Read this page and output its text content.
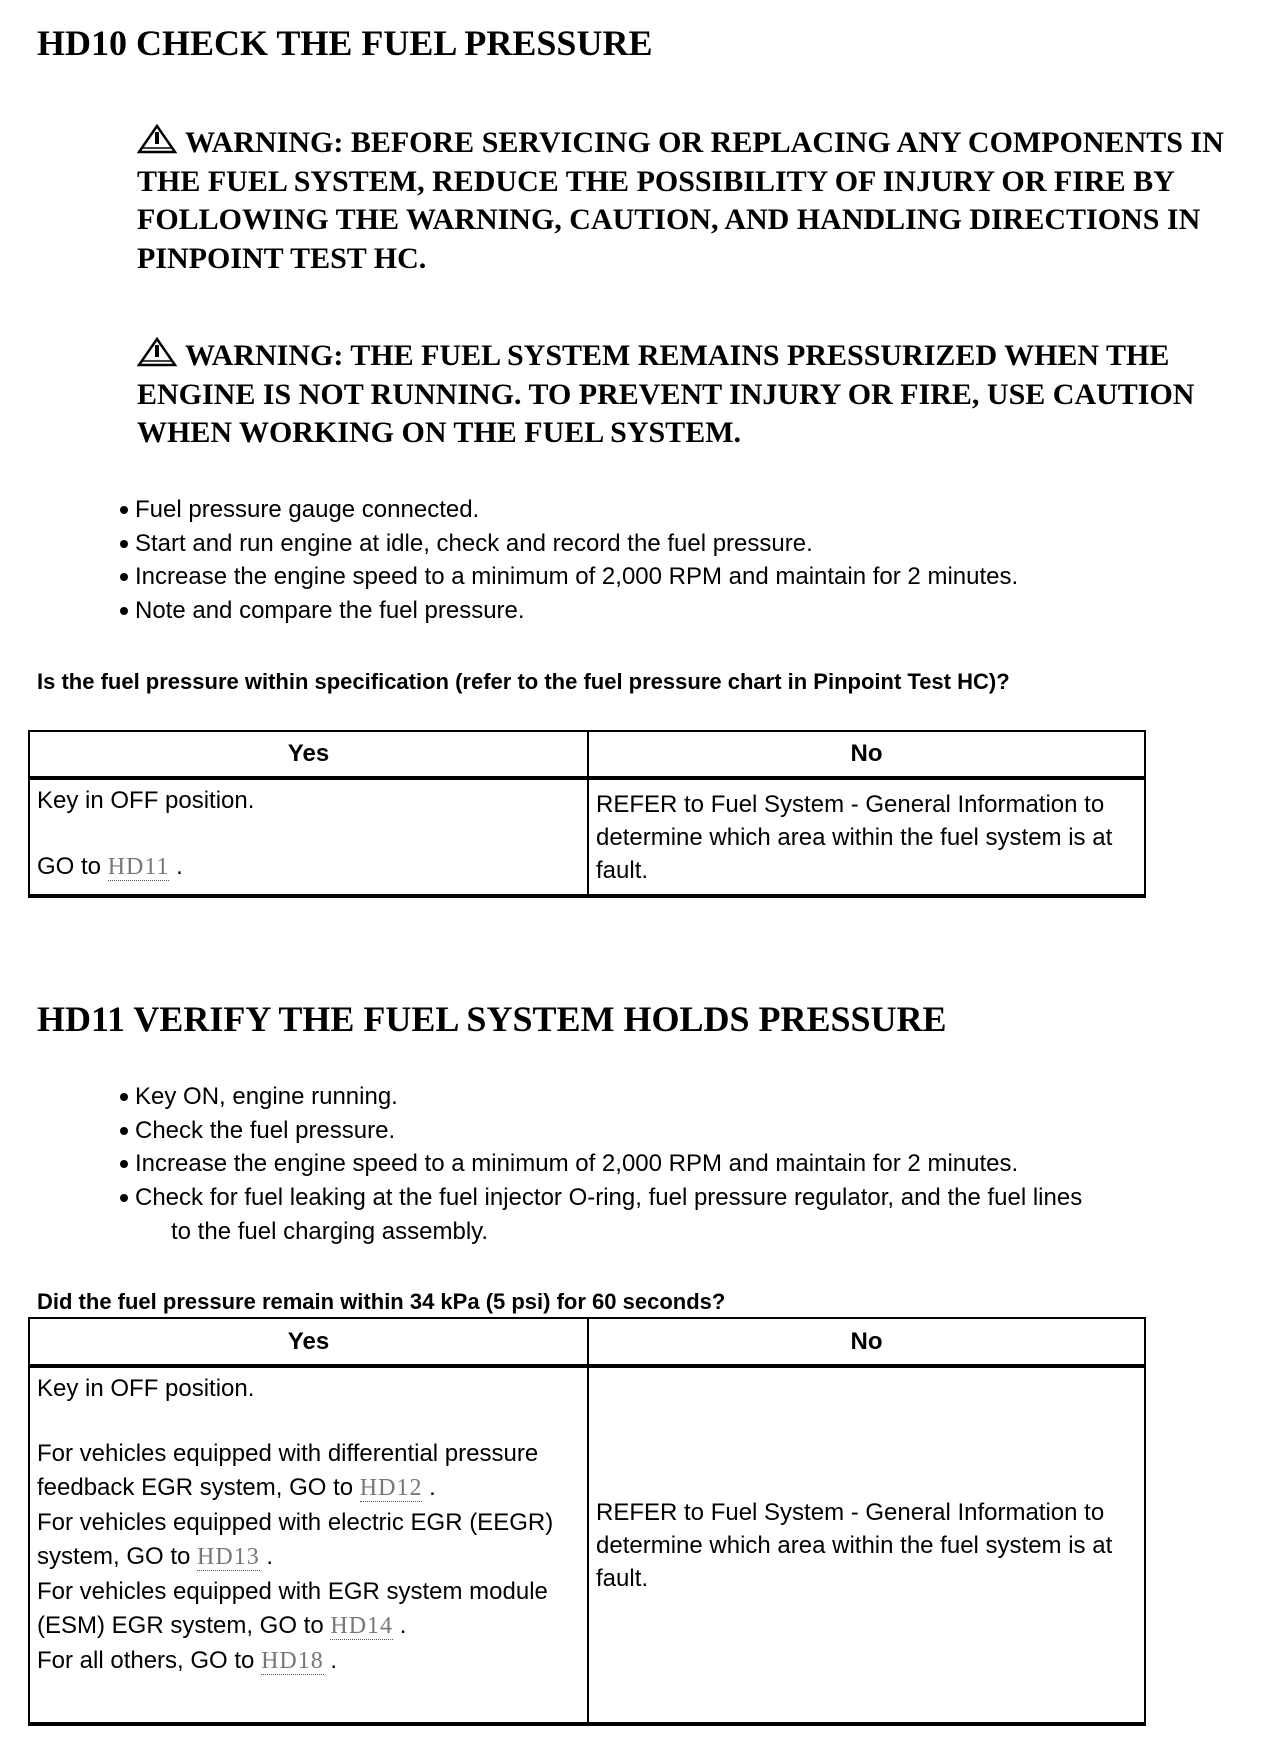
HD10 CHECK THE FUEL PRESSURE
WARNING: BEFORE SERVICING OR REPLACING ANY COMPONENTS IN THE FUEL SYSTEM, REDUCE THE POSSIBILITY OF INJURY OR FIRE BY FOLLOWING THE WARNING, CAUTION, AND HANDLING DIRECTIONS IN PINPOINT TEST HC.
WARNING: THE FUEL SYSTEM REMAINS PRESSURIZED WHEN THE ENGINE IS NOT RUNNING. TO PREVENT INJURY OR FIRE, USE CAUTION WHEN WORKING ON THE FUEL SYSTEM.
Fuel pressure gauge connected.
Start and run engine at idle, check and record the fuel pressure.
Increase the engine speed to a minimum of 2,000 RPM and maintain for 2 minutes.
Note and compare the fuel pressure.
Is the fuel pressure within specification (refer to the fuel pressure chart in Pinpoint Test HC)?
Yes	No

Key in OFF position.
GO to HD11 .	REFER to Fuel System - General Information to determine which area within the fuel system is at fault.
HD11 VERIFY THE FUEL SYSTEM HOLDS PRESSURE
Key ON, engine running.
Check the fuel pressure.
Increase the engine speed to a minimum of 2,000 RPM and maintain for 2 minutes.
Check for fuel leaking at the fuel injector O-ring, fuel pressure regulator, and the fuel lines
to the fuel charging assembly.
Did the fuel pressure remain within 34 kPa (5 psi) for 60 seconds?
Yes	No

Key in OFF position.
For vehicles equipped with differential pressure feedback EGR system, GO to HD12 .
For vehicles equipped with electric EGR (EEGR) system, GO to HD13 .
For vehicles equipped with EGR system module (ESM) EGR system, GO to HD14 .
For all others, GO to HD18 .	REFER to Fuel System - General Information to determine which area within the fuel system is at fault.
